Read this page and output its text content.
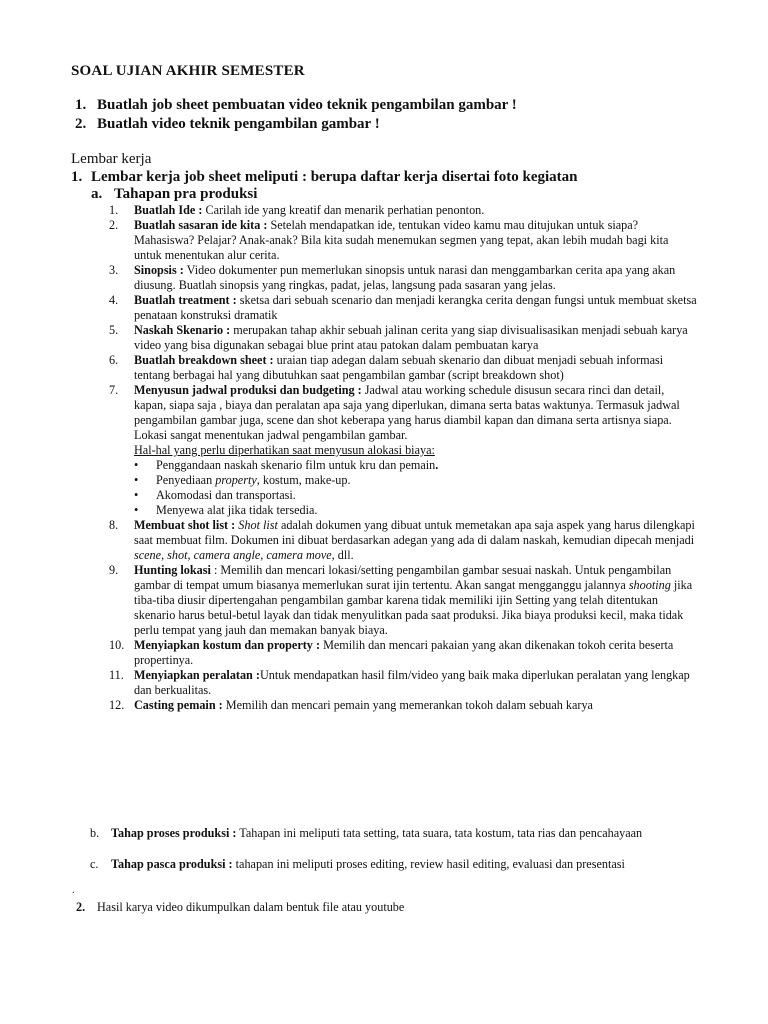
SOAL UJIAN AKHIR SEMESTER
1. Buatlah job sheet pembuatan video teknik pengambilan gambar !
2. Buatlah video teknik pengambilan gambar !
Lembar kerja
1. Lembar kerja job sheet meliputi : berupa daftar kerja disertai foto kegiatan
a. Tahapan pra produksi
1.	Buatlah Ide : Carilah ide yang kreatif dan menarik perhatian penonton.
2.	Buatlah sasaran ide kita : Setelah mendapatkan ide, tentukan video kamu mau ditujukan untuk siapa? Mahasiswa? Pelajar? Anak-anak? Bila kita sudah menemukan segmen yang tepat, akan lebih mudah bagi kita untuk menentukan alur cerita.
3.	Sinopsis : Video dokumenter pun memerlukan sinopsis untuk narasi dan menggambarkan cerita apa yang akan diusung. Buatlah sinopsis yang ringkas, padat, jelas, langsung pada sasaran yang jelas.
4.	Buatlah treatment : sketsa dari sebuah scenario dan menjadi kerangka cerita dengan fungsi untuk membuat sketsa penataan konstruksi dramatik
5.	Naskah Skenario : merupakan tahap akhir sebuah jalinan cerita yang siap divisualisasikan menjadi sebuah karya video yang bisa digunakan sebagai blue print atau patokan dalam pembuatan karya
6.	Buatlah breakdown sheet : uraian tiap adegan dalam sebuah skenario dan dibuat menjadi sebuah informasi tentang berbagai hal yang dibutuhkan saat pengambilan gambar (script breakdown shot)
7.	Menyusun jadwal produksi dan budgeting : Jadwal atau working schedule disusun secara rinci dan detail, kapan, siapa saja , biaya dan peralatan apa saja yang diperlukan, dimana serta batas waktunya. Termasuk jadwal pengambilan gambar juga, scene dan shot keberapa yang harus diambil kapan dan dimana serta artisnya siapa. Lokasi sangat menentukan jadwal pengambilan gambar.
Hal-hal yang perlu diperhatikan saat menyusun alokasi biaya:
•	Penggandaan naskah skenario film untuk kru dan pemain.
•	Penyediaan property, kostum, make-up.
•	Akomodasi dan transportasi.
•	Menyewa alat jika tidak tersedia.
8.	Membuat shot list : Shot list adalah dokumen yang dibuat untuk memetakan apa saja aspek yang harus dilengkapi saat membuat film. Dokumen ini dibuat berdasarkan adegan yang ada di dalam naskah, kemudian dipecah menjadi scene, shot, camera angle, camera move, dll.
9.	Hunting lokasi : Memilih dan mencari lokasi/setting pengambilan gambar sesuai naskah. Untuk pengambilan gambar di tempat umum biasanya memerlukan surat ijin tertentu. Akan sangat mengganggu jalannya shooting jika tiba-tiba diusir dipertengahan pengambilan gambar karena tidak memiliki ijin Setting yang telah ditentukan skenario harus betul-betul layak dan tidak menyulitkan pada saat produksi. Jika biaya produksi kecil, maka tidak perlu tempat yang jauh dan memakan banyak biaya.
10. Menyiapkan kostum dan property : Memilih dan mencari pakaian yang akan dikenakan tokoh cerita beserta propertinya.
11. Menyiapkan peralatan :Untuk mendapatkan hasil film/video yang baik maka diperlukan peralatan yang lengkap dan berkualitas.
12. Casting pemain : Memilih dan mencari pemain yang memerankan tokoh dalam sebuah karya
b. Tahap proses produksi : Tahapan ini meliputi tata setting, tata suara, tata kostum, tata rias dan pencahayaan
c.	Tahap pasca produksi : tahapan ini meliputi proses editing, review hasil editing, evaluasi dan presentasi
.
2. Hasil karya video dikumpulkan dalam bentuk file atau youtube
